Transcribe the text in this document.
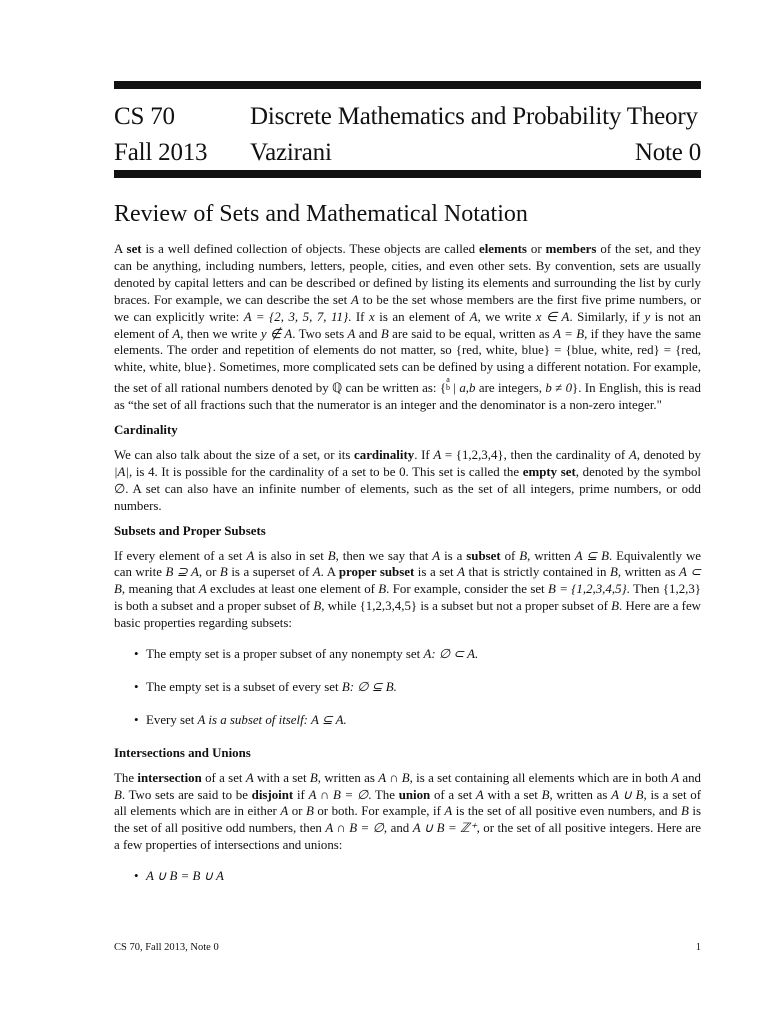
CS 70	Discrete Mathematics and Probability Theory
Fall 2013 Vazirani	Note 0
Review of Sets and Mathematical Notation

A set is a well defined collection of objects. These objects are called elements or members of the set, and they can be anything, including numbers, letters, people, cities, and even other sets. By convention, sets are usually denoted by capital letters and can be described or defined by listing its elements and surrounding the list by curly braces. For example, we can describe the set A to be the set whose members are the first five prime numbers, or we can explicitly write: A = {2, 3, 5, 7, 11}. If x is an element of A, we write x ∈ A. Similarly, if y is not an element of A, then we write y ∉ A. Two sets A and B are said to be equal, written as A = B, if they have the same elements. The order and repetition of elements do not matter, so {red, white, blue} = {blue, white, red} = {red, white, white, blue}. Sometimes, more complicated sets can be defined by using a different notation. For example, the set of all rational numbers denoted by ℚ can be written as: {
a
b | a,b are integers, b ≠ 0}. In English, this is read as “the set of all fractions such that the numerator is an integer and the denominator is a non-zero integer."

Cardinality

We can also talk about the size of a set, or its cardinality. If A = {1,2,3,4}, then the cardinality of A, denoted by |A|, is 4. It is possible for the cardinality of a set to be 0. This set is called the empty set, denoted by the symbol ∅. A set can also have an infinite number of elements, such as the set of all integers, prime numbers, or odd numbers.

Subsets and Proper Subsets

If every element of a set A is also in set B, then we say that A is a subset of B, written A ⊆ B. Equivalently we can write B ⊇ A, or B is a superset of A. A proper subset is a set A that is strictly contained in B, written as A ⊂ B, meaning that A excludes at least one element of B. For example, consider the set B = {1,2,3,4,5}. Then {1,2,3} is both a subset and a proper subset of B, while {1,2,3,4,5} is a subset but not a proper subset of B. Here are a few basic properties regarding subsets:

• The empty set is a proper subset of any nonempty set A: ∅ ⊂ A.
• The empty set is a subset of every set B: ∅ ⊆ B.
• Every set A is a subset of itself: A ⊆ A.

Intersections and Unions

The intersection of a set A with a set B, written as A ∩ B, is a set containing all elements which are in both A and B. Two sets are said to be disjoint if A ∩ B = ∅. The union of a set A with a set B, written as A ∪ B, is a set of all elements which are in either A or B or both. For example, if A is the set of all positive even numbers, and B is the set of all positive odd numbers, then A ∩ B = ∅, and A ∪ B = ℤ⁺, or the set of all positive integers. Here are a few properties of intersections and unions:

• A ∪ B = B ∪ A
CS 70, Fall 2013, Note 0	1
